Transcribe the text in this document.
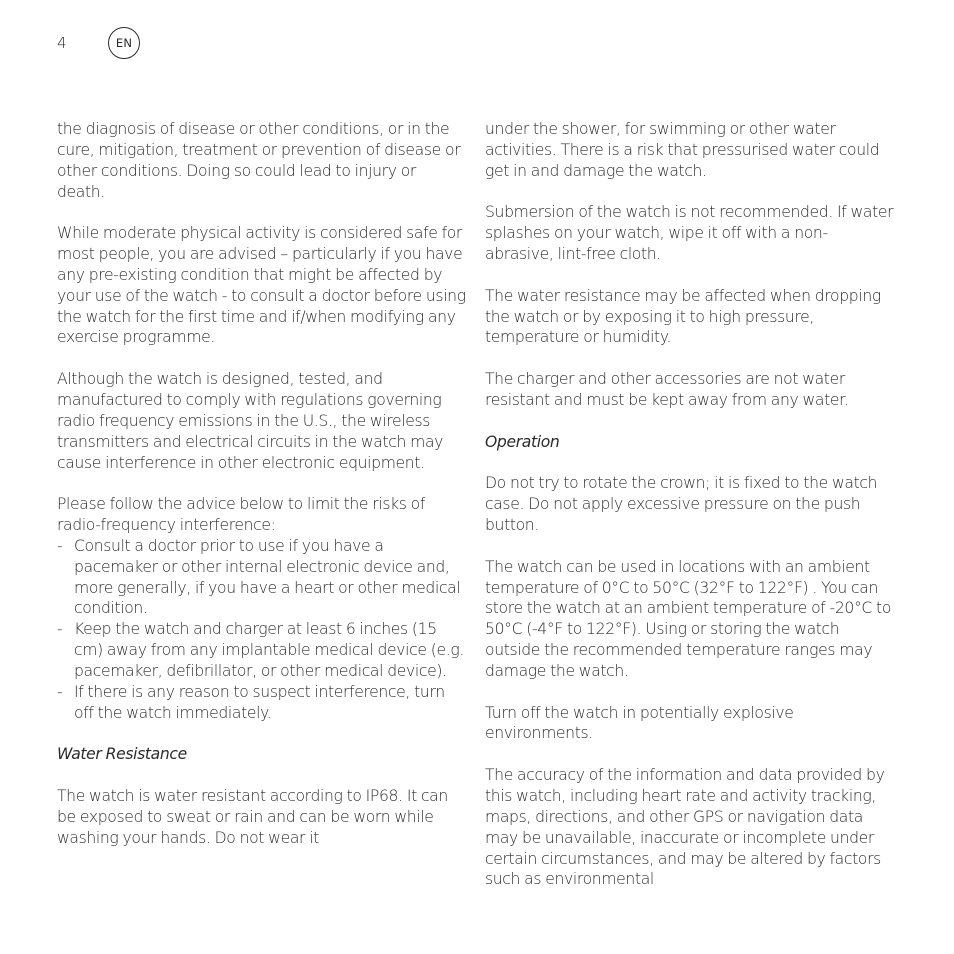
4	EN

the diagnosis of disease or other conditions, or in the cure, mitigation, treatment or prevention of disease or other conditions. Doing so could lead to injury or death.

While moderate physical activity is considered safe for most people, you are advised – particularly if you have any pre-existing condition that might be affected by your use of the watch - to consult a doctor before using the watch for the first time and if/when modifying any exercise programme.

Although the watch is designed, tested, and manufactured to comply with regulations governing radio frequency emissions in the U.S., the wireless transmitters and electrical circuits in the watch may cause interference in other electronic equipment.

Please follow the advice below to limit the risks of radio-frequency interference:

- Consult a doctor prior to use if you have a pacemaker or other internal electronic device and, more generally, if you have a heart or other medical condition.
- Keep the watch and charger at least 6 inches (15 cm) away from any implantable medical device (e.g. pacemaker, defibrillator, or other medical device).
- If there is any reason to suspect interference, turn off the watch immediately.

Water Resistance

The watch is water resistant according to IP68. It can be exposed to sweat or rain and can be worn while washing your hands. Do not wear it

under the shower, for swimming or other water activities. There is a risk that pressurised water could get in and damage the watch.

Submersion of the watch is not recommended. If water splashes on your watch, wipe it off with a non-abrasive, lint-free cloth.

The water resistance may be affected when dropping the watch or by exposing it to high pressure, temperature or humidity.

The charger and other accessories are not water resistant and must be kept away from any water.

Operation

Do not try to rotate the crown; it is fixed to the watch case. Do not apply excessive pressure on the push button.

The watch can be used in locations with an ambient temperature of 0°C to 50°C (32°F to 122°F) . You can store the watch at an ambient temperature of -20°C to 50°C (-4°F to 122°F). Using or storing the watch outside the recommended temperature ranges may damage the watch.

Turn off the watch in potentially explosive environments.

The accuracy of the information and data provided by this watch, including heart rate and activity tracking, maps, directions, and other GPS or navigation data may be unavailable, inaccurate or incomplete under certain circumstances, and may be altered by factors such as environmental
